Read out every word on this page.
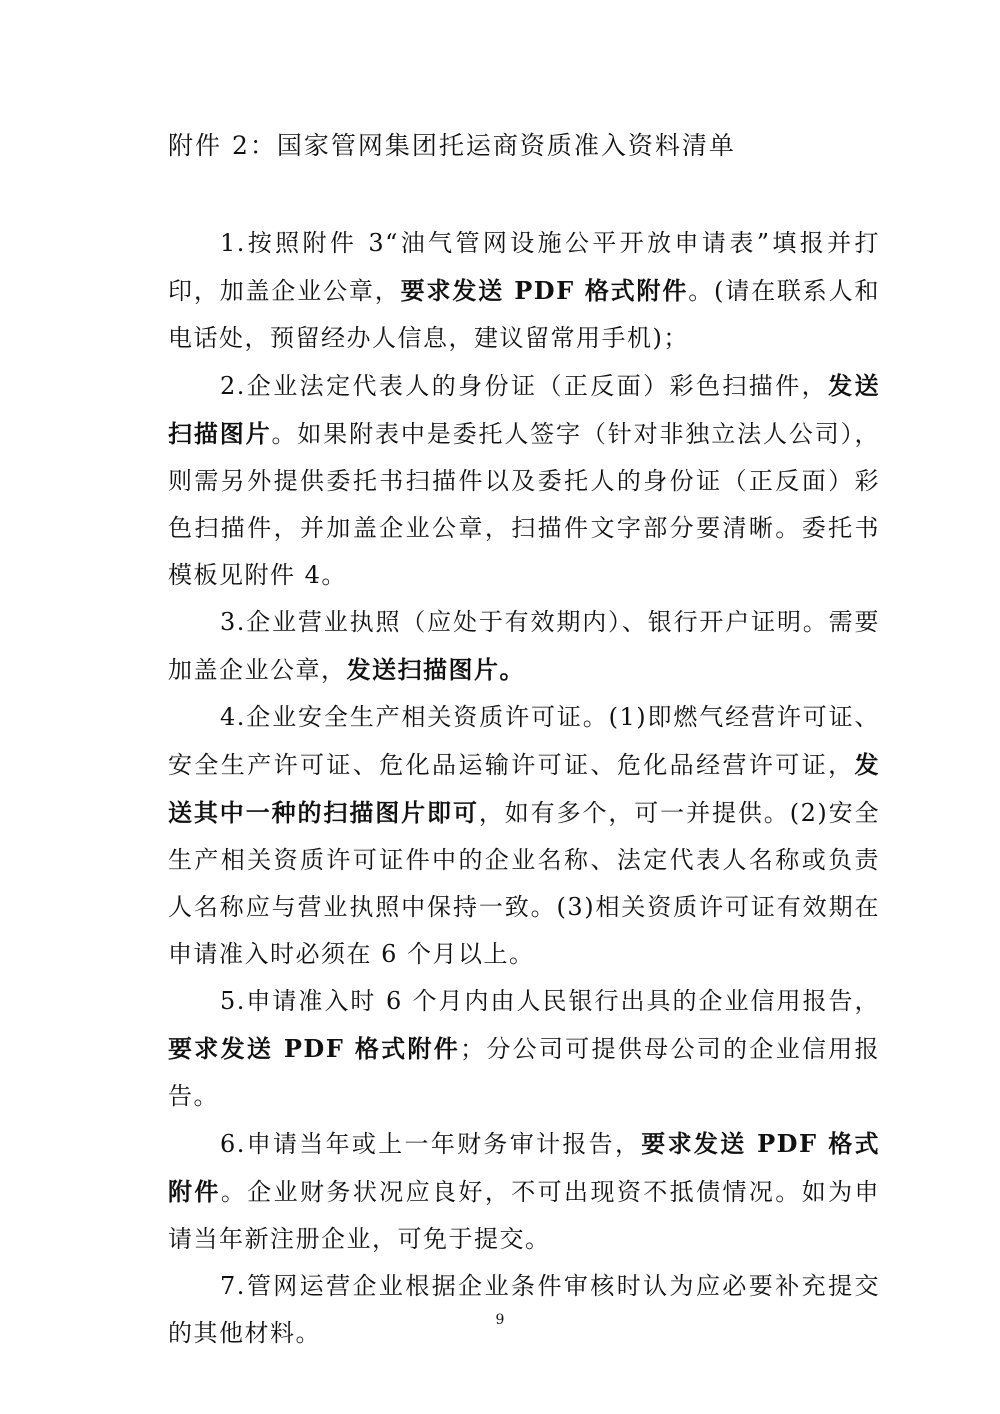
附件 2：国家管网集团托运商资质准入资料清单

1.按照附件 3“油气管网设施公平开放申请表”填报并打印，加盖企业公章，要求发送 PDF 格式附件。(请在联系人和电话处，预留经办人信息，建议留常用手机)；

2.企业法定代表人的身份证（正反面）彩色扫描件，发送扫描图片。如果附表中是委托人签字（针对非独立法人公司），则需另外提供委托书扫描件以及委托人的身份证（正反面）彩色扫描件，并加盖企业公章，扫描件文字部分要清晰。委托书模板见附件 4。

3.企业营业执照（应处于有效期内）、银行开户证明。需要加盖企业公章，发送扫描图片。

4.企业安全生产相关资质许可证。(1)即燃气经营许可证、安全生产许可证、危化品运输许可证、危化品经营许可证，发送其中一种的扫描图片即可，如有多个，可一并提供。(2)安全生产相关资质许可证件中的企业名称、法定代表人名称或负责人名称应与营业执照中保持一致。(3)相关资质许可证有效期在申请准入时必须在 6 个月以上。

5.申请准入时 6 个月内由人民银行出具的企业信用报告，要求发送 PDF 格式附件；分公司可提供母公司的企业信用报告。

6.申请当年或上一年财务审计报告，要求发送 PDF 格式附件。企业财务状况应良好，不可出现资不抵债情况。如为申请当年新注册企业，可免于提交。

7.管网运营企业根据企业条件审核时认为应必要补充提交的其他材料。	9
